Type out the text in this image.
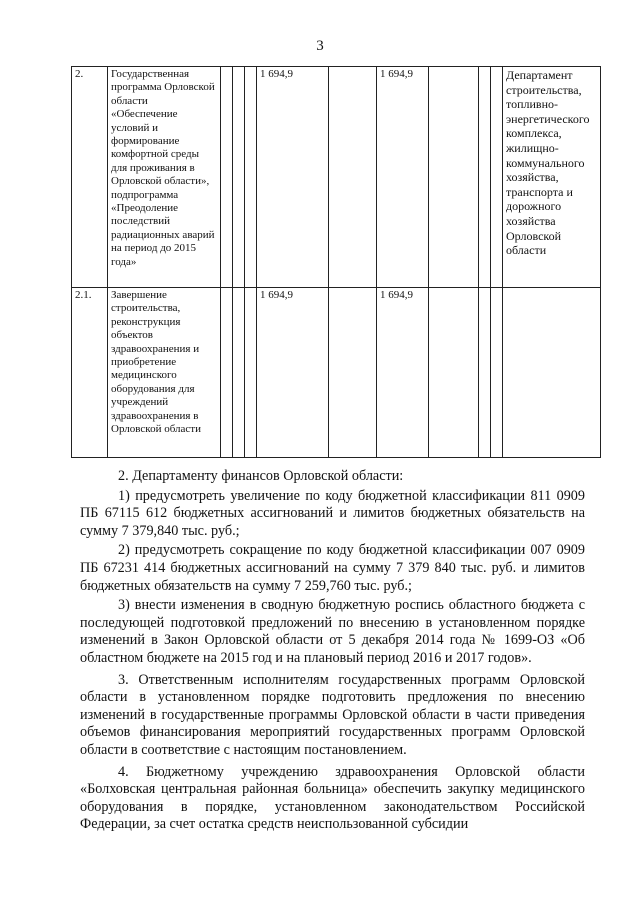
3
2.	Государственная программа Орловской области «Обеспечение условий и формирование комфортной среды для проживания в Орловской области», подпрограмма «Преодоление последствий радиационных аварий на период до 2015 года»				1 694,9		1 694,9				Департамент строительства, топливно-энергетического комплекса, жилищно-коммунального хозяйства, транспорта и дорожного хозяйства Орловской области
2.1.	Завершение строительства, реконструкция объектов здравоохранения и приобретение медицинского оборудования для учреждений здравоохранения в Орловской области				1 694,9		1 694,9				

2. Департаменту финансов Орловской области:

1) предусмотреть увеличение по коду бюджетной классификации 811 0909 ПБ 67115 612 бюджетных ассигнований и лимитов бюджетных обязательств на сумму 7 379,840 тыс. руб.;

2) предусмотреть сокращение по коду бюджетной классификации 007 0909 ПБ 67231 414 бюджетных ассигнований на сумму 7 379 840 тыс. руб. и лимитов бюджетных обязательств на сумму 7 259,760 тыс. руб.;

3) внести изменения в сводную бюджетную роспись областного бюджета с последующей подготовкой предложений по внесению в установленном порядке изменений в Закон Орловской области от 5 декабря 2014 года № 1699-ОЗ «Об областном бюджете на 2015 год и на плановый период 2016 и 2017 годов».

3. Ответственным исполнителям государственных программ Орловской области в установленном порядке подготовить предложения по внесению изменений в государственные программы Орловской области в части приведения объемов финансирования мероприятий государственных программ Орловской области в соответствие с настоящим постановлением.

4. Бюджетному учреждению здравоохранения Орловской области «Болховская центральная районная больница» обеспечить закупку медицинского оборудования в порядке, установленном законодательством Российской Федерации, за счет остатка средств неиспользованной субсидии
